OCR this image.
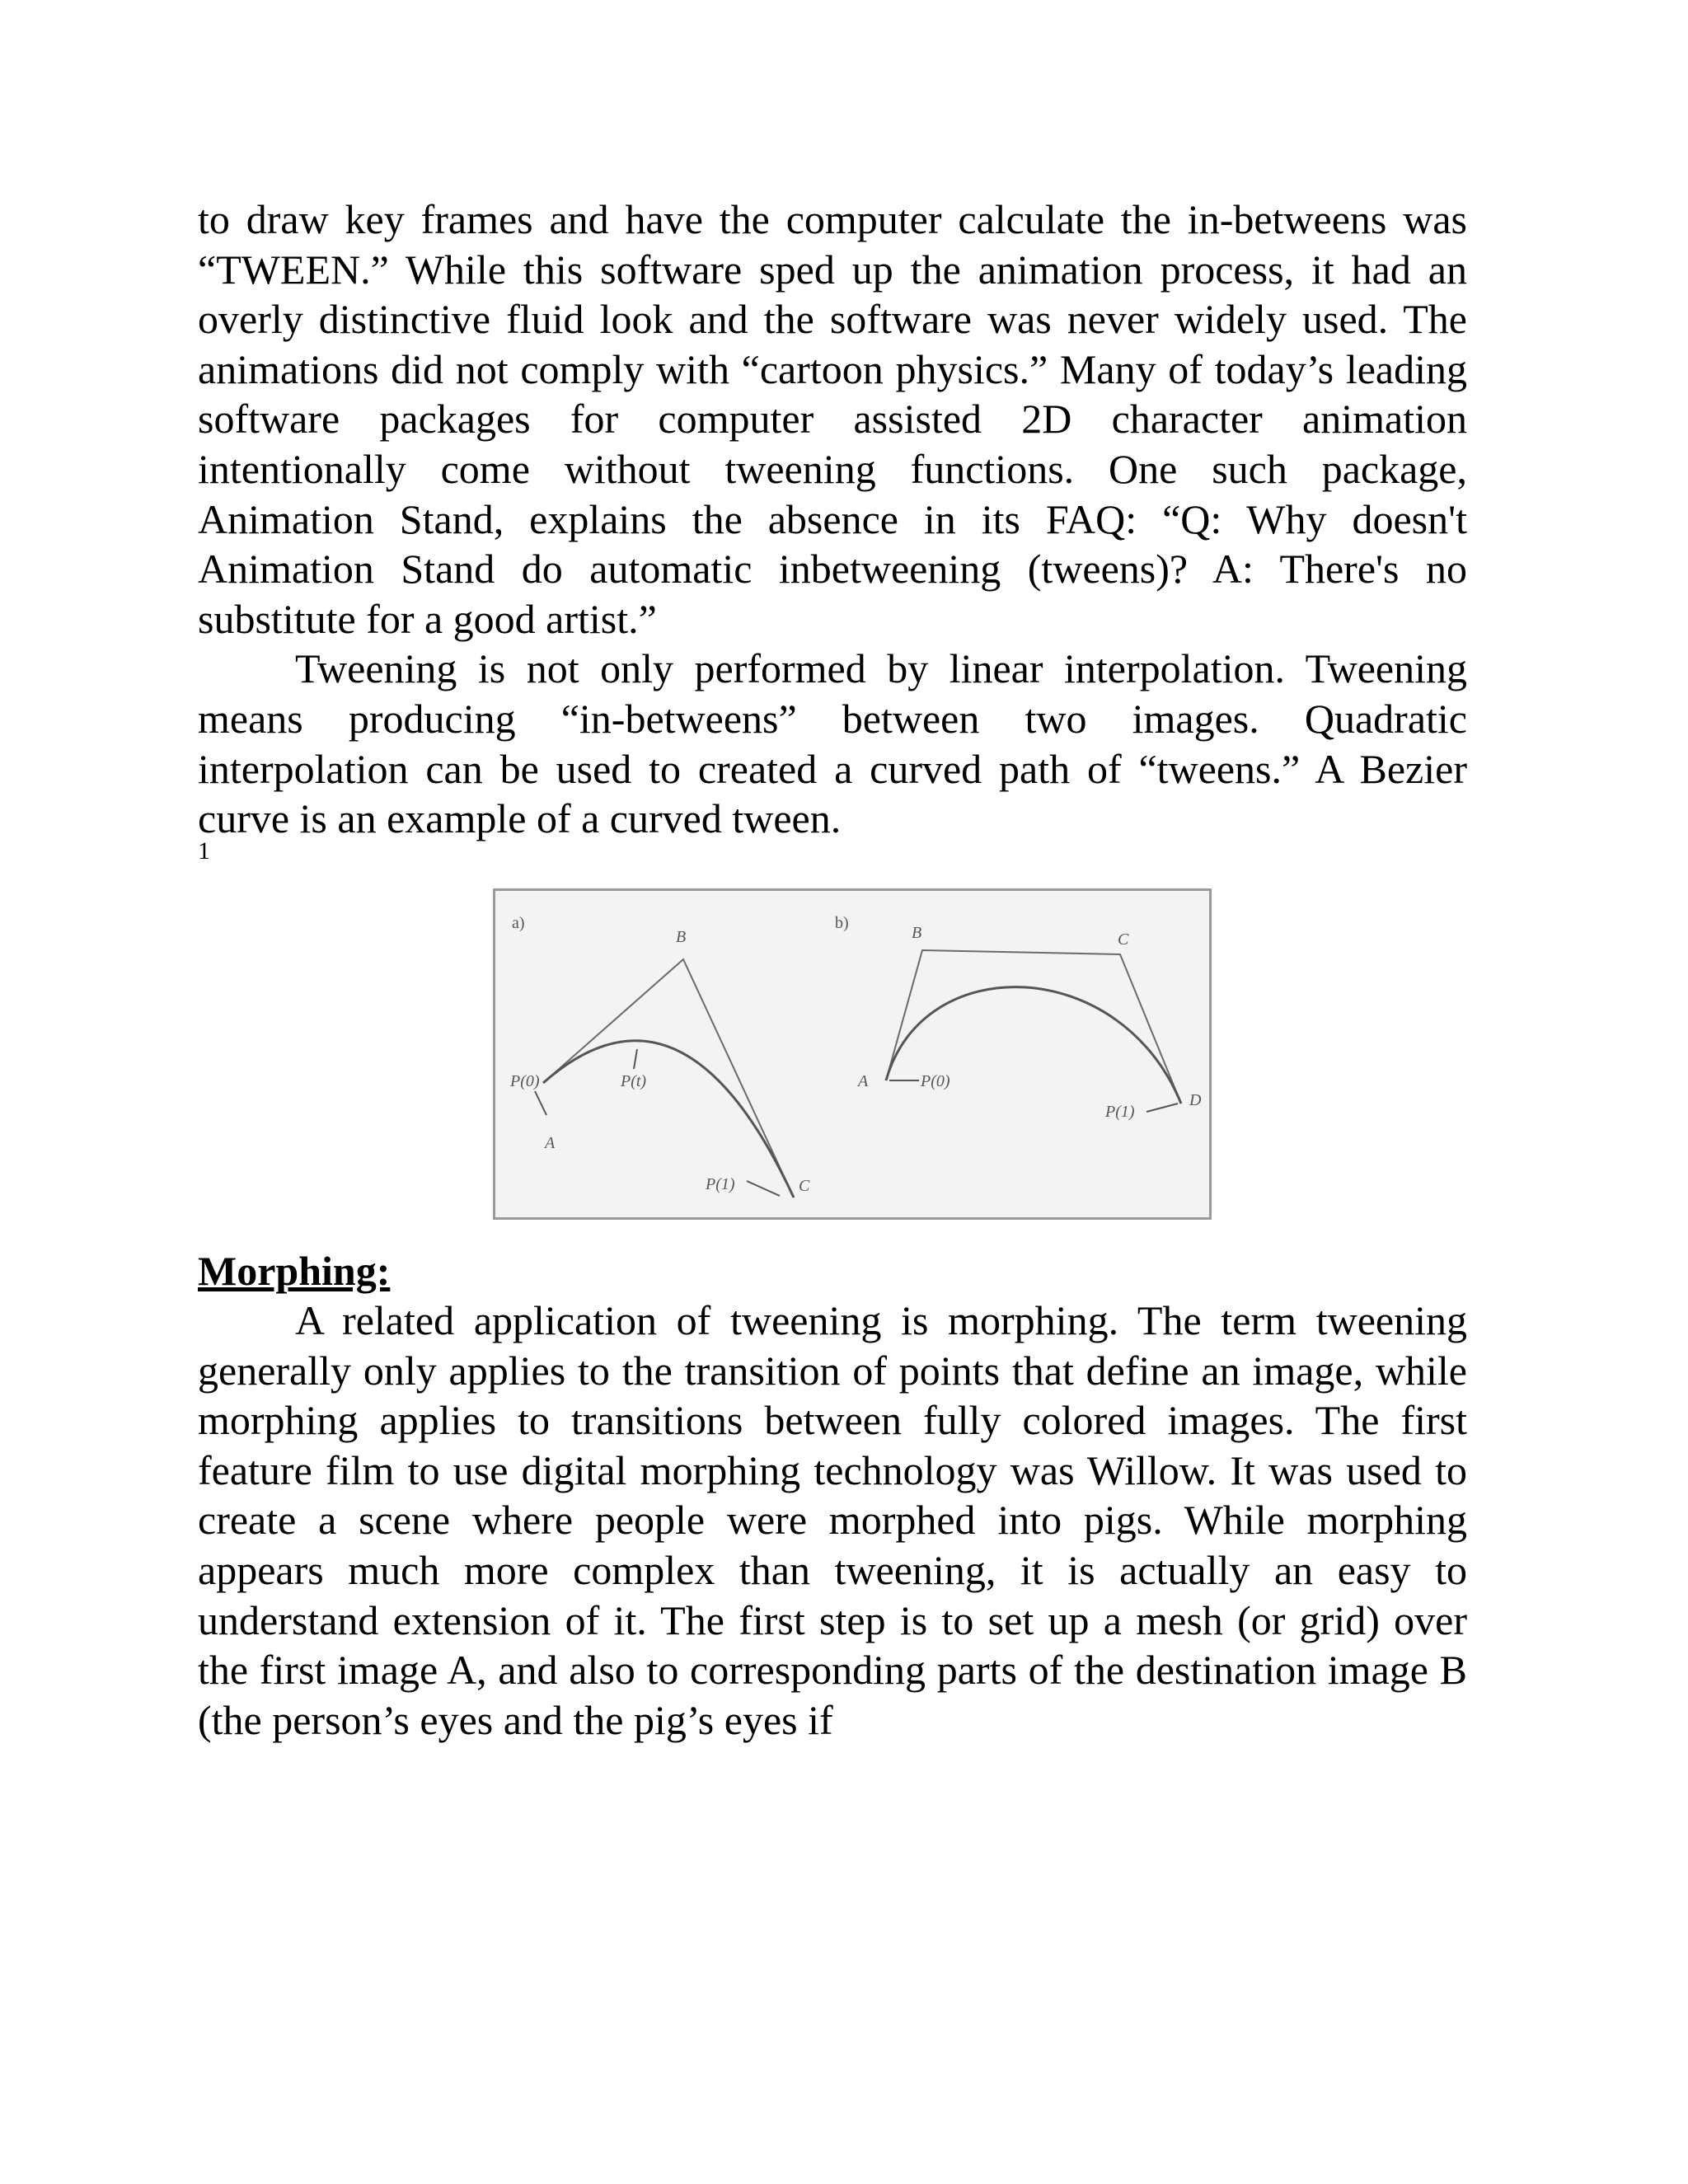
to draw key frames and have the computer calculate the in-betweens was “TWEEN.” While this software sped up the animation process, it had an overly distinctive fluid look and the software was never widely used. The animations did not comply with “cartoon physics.” Many of today’s leading software packages for computer assisted 2D character animation intentionally come without tweening functions. One such package, Animation Stand, explains the absence in its FAQ: “Q: Why doesn't Animation Stand do automatic inbetweening (tweens)? A: There's no substitute for a good artist.”

Tweening is not only performed by linear interpolation. Tweening means producing “in-betweens” between two images. Quadratic interpolation can be used to created a curved path of “tweens.” A Bezier curve is an example of a curved tween.

1
a)
B
A
C
P(0)	P(t)
P(1)
b)
B	C
A	P(0)
D
P(1)
Morphing:

A related application of tweening is morphing. The term tweening generally only applies to the transition of points that define an image, while morphing applies to transitions between fully colored images. The first feature film to use digital morphing technology was Willow. It was used to create a scene where people were morphed into pigs. While morphing appears much more complex than tweening, it is actually an easy to understand extension of it. The first step is to set up a mesh (or grid) over the first image A, and also to corresponding parts of the destination image B (the person’s eyes and the pig’s eyes if
